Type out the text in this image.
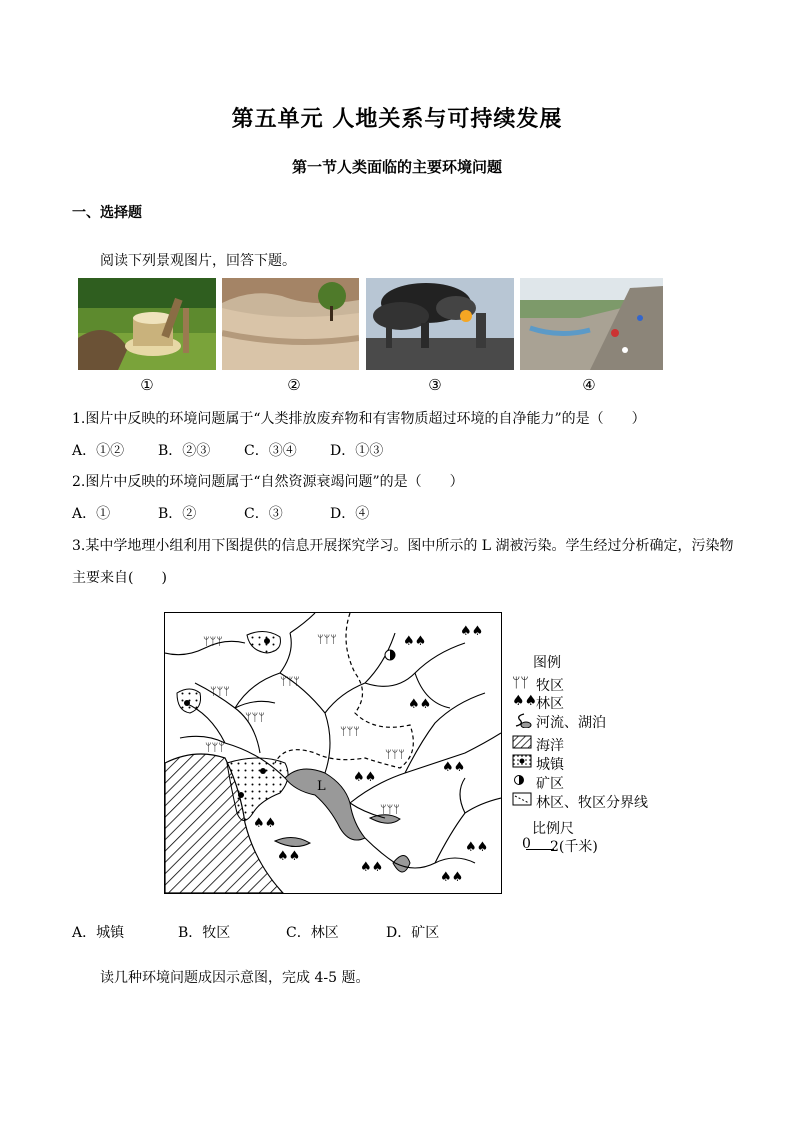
第五单元 人地关系与可持续发展
第一节人类面临的主要环境问题
一、选择题
阅读下列景观图片，回答下题。
①	②	③	④
1.图片中反映的环境问题属于“人类排放废弃物和有害物质超过环境的自净能力”的是（　　）
A．①② B．②③ C．③④ D．①③
2.图片中反映的环境问题属于“自然资源衰竭问题”的是（　　）
A．①	B．②	C．③	D．④
3.某中学地理小组利用下图提供的信息开展探究学习。图中所示的 L 湖被污染。学生经过分析确定，污染物
主要来自(　　)
ᛘᛘᛘ	ᛘᛘᛘ
ᛘᛘᛘ
ᛘᛘᛘ
ᛘᛘᛘ
ᛘᛘᛘ
ᛘᛘᛘ
ᛘᛘᛘ
ᛘᛘᛘ
♠♠
♠♠
♠♠
♠♠
♠♠
♠♠
♠♠
♠♠
♠♠
♠♠
L
图例
ᛘᛘ 牧区
♠♠
林区
河流、湖泊
海洋
城镇
矿区
林区、牧区分界线
比例尺
0 2(千米)
A．城镇	B．牧区	C．林区	D．矿区
读几种环境问题成因示意图，完成 4-5 题。
